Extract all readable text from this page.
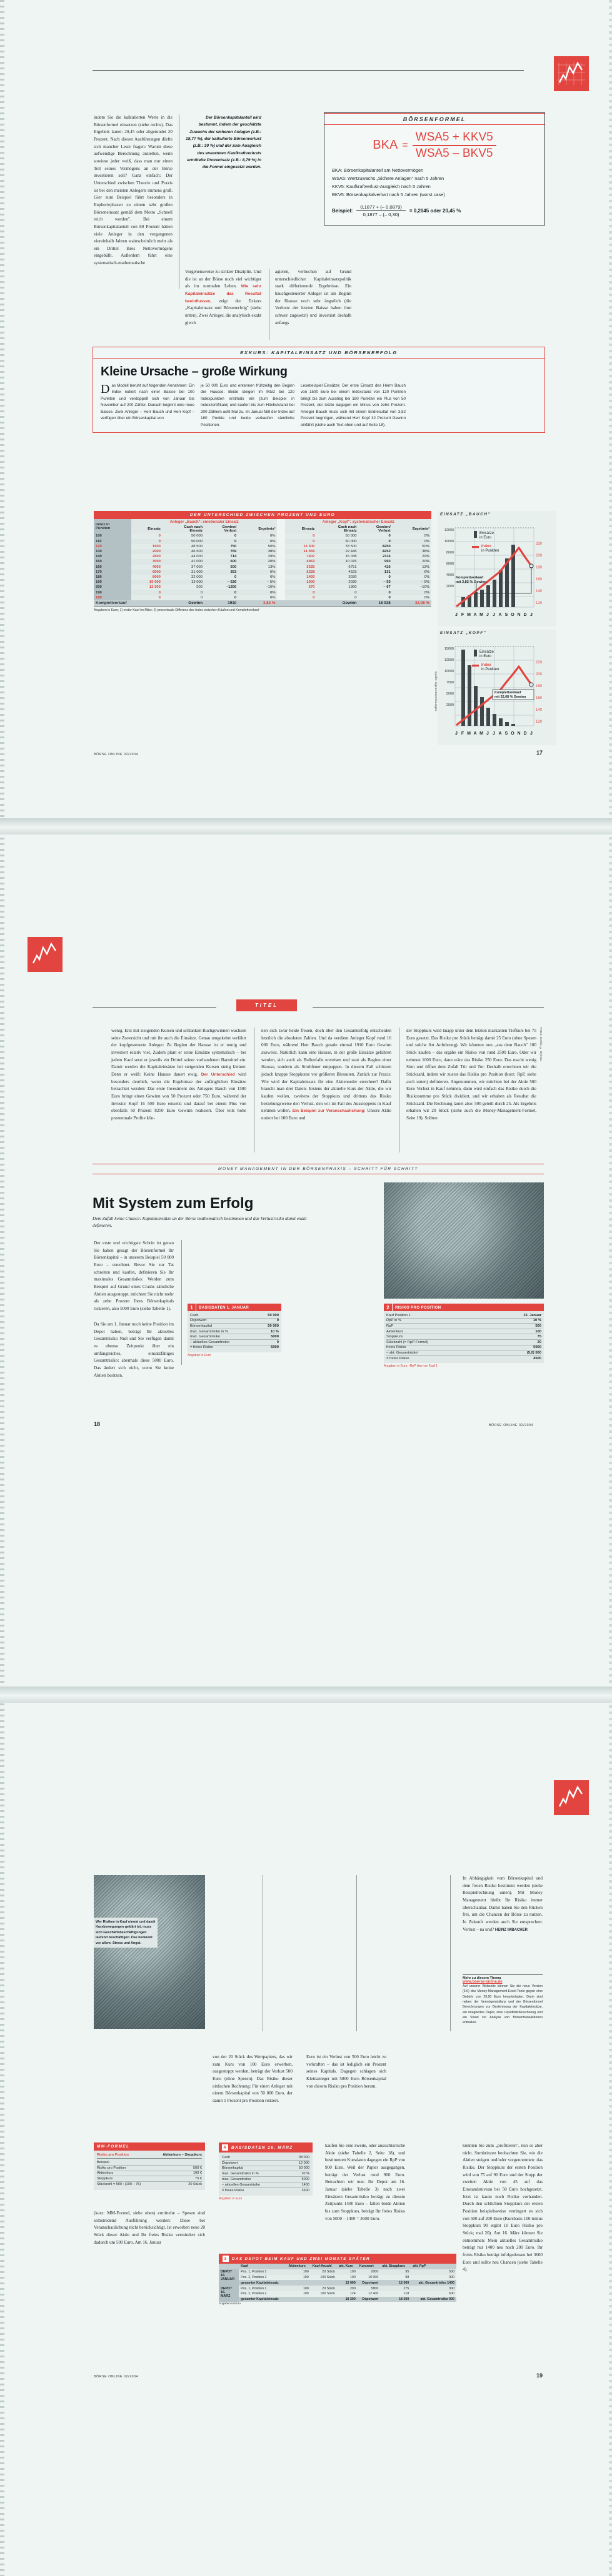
indem Sie die kalkulierten Werte in die Börsenformel einsetzen (siehe rechts). Das Ergebnis lautet: 20,45 oder abgerundet 20 Prozent. Nach diesen Ausführungen dürfte sich mancher Leser fragen: Warum diese aufwendige Berechnung anstellen, wenn sowieso jeder weiß, dass man nur einen Teil seines Vermögens an der Börse investieren soll? Ganz einfach: Der Unterschied zwischen Theorie und Praxis ist bei den meisten Anlegern immens groß. Gier zum Beispiel führt besonders in Euphoriephasen zu einem sehr großen Börseneinsatz gemäß dem Motto „Schnell reich werden". Bei einem Börsenkapitalanteil von 80 Prozent hätten viele Anleger in den vergangenen viereinhalb Jahren wahrscheinlich mehr als ein Drittel ihres Nettovermögens eingebüßt. Außerdem führt eine systematisch-mathematische
Der Börsenkapitalanteil wird bestimmt, indem der geschätzte Zuwachs der sicheren Anlagen (z.B.: 18,77 %), der kalkulierte Börsenverlust (z.B.: 30 %) und der zum Ausgleich des erwarteten Kaufkraftverlusts ermittelte Prozentsatz (z.B.: 8,79 %) in die Formel eingesetzt werden.
Vorgehensweise zu strikter Disziplin. Und die ist an der Börse noch viel wichtiger als im normalen Leben. Wie sehr Kapitaleinsätze das Resultat beeinflussen, zeigt der Exkurs „Kapitaleinsatz und Börsenerfolg" (siehe unten). Zwei Anleger, die analytisch exakt gleich
agieren, verbuchen auf Grund unterschiedlicher Kapitaleinsatzpolitik stark differierende Ergebnisse. Ein bauchgesteuerter Anleger ist am Beginn der Hausse noch sehr ängstlich (die Verluste der letzten Baisse haben ihm schwer zugesetzt) und investiert deshalb anfangs
BÖRSENFORMEL
BKA = $\frac{\text{WSA5 + KKV5}}{\text{WSA5 – BKV5}}$
BKA: Börsenkapitalanteil am Nettovermögen
WSA5: Wertzuwachs „Sichere Anlagen" nach 5 Jahren
KKV5: Kaufkraftverlust-Ausgleich nach 5 Jahren
BKV5: Börsenkapitalverlust nach 5 Jahren (worst case)
Beispiel: $\frac{0,1877 + (- 0,0879)}{0,1877 - (- 0,30)} = 0,2045$ oder 20,45 %
EXKURS: KAPITALEINSATZ UND BÖRSENERFOLG
Kleine Ursache – große Wirkung
Das Modell beruht auf folgenden Annahmen: Ein Index notiert nach einer Baisse bei 100 Punkten und verdoppelt sich von Januar bis November auf 200 Zähler. Danach beginnt eine neue Baisse. Zwei Anleger – Herr Bauch und Herr Kopf – verfügen über ein Börsenkapital von
je 50 000 Euro und erkennen frühzeitig den Beginn der Hausse. Beide steigen im März bei 120 Indexpunkten erstmals ein (zum Beispiel in Indexzertifikate) und kaufen bis zum Höchststand bei 200 Zählern acht Mal zu. Im Januar fällt der Index auf 180 Punkte und beide verkaufen sämtliche Positionen.
Lesebeispiel Einsätze: Der erste Einsatz des Herrn Bauch von 1500 Euro bei einem Indexstand von 120 Punkten bringt bis zum Ausstieg bei 180 Punkten ein Plus von 50 Prozent, der letzte dagegen ein Minus von zehn Prozent. Anleger Bauch muss sich mit einem Endresultat von 3,82 Prozent begnügen, während Herr Kopf 32 Prozent Gewinn einfährt (siehe auch Text oben und auf Seite 18).
DER UNTERSCHIED ZWISCHEN PROZENT UND EURO
Index in
Punkten	Anleger „Bauch": emotionaler Einsatz					Anleger „Kopf": systematischer Einsatz			
	Einsatz	Cash nach
Einsatz	Gewinn/
Verlust	Ergebnis²		Einsatz	Cash nach
Einsatz	Gewinn/
Verlust	Ergebnis²
100	0	50 000	0	0%		0	50 000	0	0%
110	0	50 000	0	0%		0	50 000	0	0%
120	1500	48 500	750	50%		16 500	33 500	8250	50%
130	2000	46 500	769	38%		11 055	22 445	4252	38%
140	2500	44 000	714	29%		7407	15 038	2116	29%
150	3000	41 000	600	20%		4963	10 076	993	20%
160	4000	37 000	500	13%		3325	6751	416	13%
170	6000	31 000	353	6%		2228	4523	131	6%
180	8000	32 000	0	0%		1493	3030	0	0%
190	10 000	13 000	– 526	– 5%		1000	2030	– 53	– 5%
200	12 500	500	–1250	–10%		670	1360	– 67	–10%
190	0	0	0	0%		0	0	0	0%
180	0	0	0	0%		0	0	0	0%
Komplettverkauf		Gewinn	1910	3,82 %			Gewinn	16 038	32,08 %
Angaben in Euro; 1) erster Kauf im März; 2) prozentuale Differenz des Index zwischen Käufen und Komplettverkauf
EINSATZ „BAUCH"
220
200
180
160
140
120
12000
10000
8000
6000
4000
2000
Einsätze
in Euro
Index
in Punkten
Komplettverkauf
mit 3,82 % Gewinn
J F M A M J J A S O N D J
EINSATZ „KOPF"
Komplettverkauf
mit 32,08 % Gewinn
220
200
180
160
140
120
15000
12500
10000
7500
5000
2500
Einsätze
in Euro
Index
in Punkten
J F M A M J J A S O N D J
Quelle: eigene Berechnungen
BÖRSE ONLINE 02/2004	17
TITEL
wenig. Erst mit steigenden Kursen und schlanken Buchgewinnen wachsen seine Zuversicht und mit ihr auch die Einsätze. Genau umgekehrt verfährt der kopfgesteuerte Anleger: Zu Beginn der Hausse ist er mutig und investiert relativ viel. Zudem plant er seine Einsätze systematisch – bei jedem Kauf setzt er jeweils ein Drittel seiner vorhandenen Barmittel ein. Damit werden die Kapitaleinsätze bei steigenden Kursen stetig kleiner. Denn er weiß: Keine Hausse dauert ewig. Der Unterschied wird besonders deutlich, wenn die Ergebnisse der anfänglichen Einsätze betrachtet werden: Das erste Investment des Anlegers Bauch von 1500 Euro bringt einen Gewinn von 50 Prozent oder 750 Euro, während der Investor Kopf 16 500 Euro einsetzt und darauf bei einem Plus von ebenfalls 50 Prozent 8250 Euro Gewinn realisiert. Über teils hohe prozentuale Profite kön-
nen sich zwar beide freuen, doch über den Gesamterfolg entscheiden letztlich die absoluten Zahlen. Und da verdient Anleger Kopf rund 16 000 Euro, während Herr Bauch gerade einmal 1910 Euro Gewinn ausweist. Natürlich kann eine Hausse, in der große Einsätze gefahren werden, sich auch als Bullenfalle erweisen und statt als Beginn einer Hausse, sondern als Strohfeuer entpuppen. In diesem Fall schützen jedoch knappe Stoppkurse vor größeren Blessuren. Zurück zur Praxis: Wie wird der Kapitaleinsatz für eine Aktienorder errechnet? Dafür braucht man drei Daten: Erstens der aktuelle Kurs der Aktie, die wir kaufen wollen, zweitens der Stoppkurs und drittens das Risiko beziehungsweise den Verlust, den wir im Fall des Ausstoppens in Kauf nehmen wollen. Ein Beispiel zur Veranschaulichung: Unsere Aktie notiert bei 100 Euro und
der Stoppkurs wird knapp unter dem letzten markanten Tiefkurs bei 75 Euro gesetzt. Das Risiko pro Stück beträgt damit 25 Euro (ohne Spesen und solche Art Anfuhrung). Wir könnten nun „aus dem Bauch" 100 Stück kaufen – das ergäbe ein Risiko von rund 2500 Euro. Oder wir nehmen 1000 Euro, dann wäre das Risiko 250 Euro. Das macht wenig Sinn und öffnet dem Zufall Tür und Tor. Deshalb errechnen wir die Stückzahl, indem wir zuerst das Risiko pro Position (kurz: RpP, siehe auch unten) definieren. Angenommen, wir möchten bei der Aktie 500 Euro Verlust in Kauf nehmen, dann wird einfach das Risiko durch die Risikosumme pro Stück dividiert, und wir erhalten als Resultat die Stückzahl. Die Rechnung lautet also: 500 geteilt durch 25. Als Ergebnis erhalten wir 20 Stück (siehe auch die Money-Management-Formel, Seite 19). Sollten
Fotos: Corbis, © tbyl ma
MONEY MANAGEMENT IN DER BÖRSENPRAXIS – SCHRITT FÜR SCHRITT
Mit System zum Erfolg
Dem Zufall keine Chance: Kapitaleinsätze an der Börse mathematisch bestimmen und das Verlustrisiko damit exakt definieren.
Der erste und wichtigste Schritt ist genau Sie haben gesagt der Börsenformel Ihr Börsenkapital – in unserem Beispiel 50 000 Euro – errechnet. Bevor Sie zur Tat schreiten und kaufen, definieren Sie Ihr maximales Gesamtrisiko: Werden zum Beispiel auf Grund eines Crashs sämtliche Aktien ausgestoppt, möchten Sie nicht mehr als zehn Prozent Ihres Börsenkapitals riskieren, also 5000 Euro (siehe Tabelle 1).
Da Sie am 1. Januar noch keine Position im Depot haben, beträgt Ihr aktuelles Gesamtrisiko Null und Sie verfügen damit es ebenso Zeitpunkt über ein umfangreiches, einsatzfähiges Gesamtrisiko: abermals diese 5000 Euro. Das ändert sich nicht, wenn Sie keine Aktien besitzen.
1	BASISDATEN 1. JANUAR
Cash	50 000
Depotwert	0
Börsenkapital	50 000
max. Gesamtrisiko in %	10 %
max. Gesamtrisiko	5000
– aktuelles Gesamtrisiko	0
= freies Risiko	5000
Angaben in Euro
2	RISIKO PRO POSITION
Kauf Position 1	15. Januar
RpP in %	10 %
RpP	500
Aktienkurs	100
Stoppkurs	75
Stückzahl (= RpP-Formel)	20
freies Risiko	5000
– akt. Gesamtrisiko¹	(5,0) 500
= freies Risiko	4500
Angaben in Euro; ¹RpP dies vor Kauf 1
18	BÖRSE ONLINE 02/2004
Wer Risiken in Kauf nimmt und damit Kursbewegungen geklärt ist, muss sich Geschäftsbeschäftigungen laufend beschäftigen. Das bedeutet vor allem: Stress und Angst.
In Abhängigkeit vom Börsenkapital und dem freien Risiko bestimmt werden (siehe Beispielrechnung unten). Mit Money Management bleibt Ihr Risiko immer überschaubar. Damit haben Sie den Rücken frei, um die Chancen der Börse zu nutzen. In Zukunft werden auch Sie entsprechen: Verlust – na und? HEINZ IMBACHER
Mehr zu diesem Thema
www.boerse-online.de
Auf unserer Webseite können Sie die neue Version (3.0) des Money-Management-Excel-Tools gegen eine Gebühr von 29,90 Euro herunterladen. Darin sind neben der Vermögensbilanz und der Börsenformel Berechnungen zur Bestimmung der Kapitaleinsätze, ein integriertes Depot, eine Liquiditätsberechnung und ein Sheet zur Analyse von Börsentransaktionen enthalten.
von der 20 Stück des Wertpapiers, das wir zum Kurs von 100 Euro erwerben, ausgestoppt werden, beträgt der Verlust 500 Euro (ohne Spesen). Das Risiko dieser einfachen Rechnung: Für einen Anleger mit einem Börsenkapital von 50 000 Euro, der damit 1 Prozent pro Position riskiert.
Euro ist ein Verlust von 500 Euro leicht zu verkraften – das ist lediglich ein Prozent seines Kapitals. Dagegen schlagen sich Kleinanleger mit 5000 Euro Börsenkapital von diesem Risiko pro Position herum.
MM-FORMEL
Risiko pro Position	Aktienkurs – Stoppkurs
Beispiel
Risiko pro Position	500 €
Aktienkurs	100 €
Stoppkurs	75 €
Stückzahl = 500 : (100 – 75)	20 Stück
(kurz: MM-Formel, siehe oben) ermittelte – Spesen sind selbstredend Ausführung werden: Diese bei Veranschaulichung nicht berücksichtigt. Ist erworben neue 20 Stück dieser Aktie und Ihr freies Risiko vermindert sich dadurch um 500 Euro. Am 16. Januar
4	BASISDATEN 16. MÄRZ
Cash	38 000
Depotwert	12 000
Börsenkapital	50 000
max. Gesamtrisiko in %	10 %
max. Gesamtrisiko	5000
– aktuelles Gesamtrisiko	1400
= freies Risiko	3600
Angaben in Euro
kaufen Sie eine zweite, oder aussichtsreiche Aktie (siehe Tabelle 2, Seite 18), und bestimmten Kursdaten dagegen ein RpP von 900 Euro. Weil der Papier ausgegangen, beträgt der Verlust rund 900 Euro. Betrachten wir nun: Ihr Depot am 16. Januar (siehe Tabelle 3) nach zwei Einsätzen Gesamtrisiko beträgt zu diesem Zeitpunkt 1400 Euro – fallen beide Aktien bis zum Stoppkurs, beträgt Ihr freies Risiko von 5000 – 1400 = 3600 Euro.
könnten Sie zum „profitieren", nun es aber nicht. Sumbrinzen beobachten Sie, wie die Aktien steigen und/oder vorgenommen: das Risiko. Der Stoppkurs der ersten Position wird von 75 auf 90 Euro und der Stopp der zweiten Aktie von 45 auf das Einstandsniveau bei 50 Euro hochgesetzt. Jetzt ist kaum noch Risiko vorhanden. Durch den schlichten Stoppkurs der ersten Position beispielsweise verringert es sich von 500 auf 200 Euro (Kursbasis 100 minus Stoppkurs 90 ergibt 10 Euro Risiko pro Stück; mal 20). Am 16. März können Sie entnommen: Mein aktuelles Gesamtrisiko beträgt nur 1400 neu noch 200 Euro. Ihr freies Risiko beträgt infolgedessen bei 3600 Euro und sollte neu Chancen (siehe Tabelle 4).
3	DAS DEPOT BEIM KAUF UND ZWEI MONATE SPÄTER
	Kauf	Aktienkurs	Kauf-Anzahl	akt. Kurs	Kurswert	akt. Stoppkurs	akt. RpP
DEPOT
16.
JANUAR	Pos. 1, Position 1	100	20 Stück	100	2000	95	500
	Pos. 2, Position 2	100	100 Stück	100	10 000	98	900
	gesamter Kapitaleinsatz			12 000	Depotwert	12 000	akt. Gesamtrisiko 1400
DEPOT
16.
MÄRZ	Pos. 1, Position 1	100	20 Stück	290	5800	275	300
	Pos. 2, Position 2	100	100 Stück	124	12 400	118	600
	gesamter Kapitaleinsatz			18 200	Depotwert	18 200	akt. Gesamtrisiko 900
Angaben in Euro
BÖRSE ONLINE 02/2004	19
